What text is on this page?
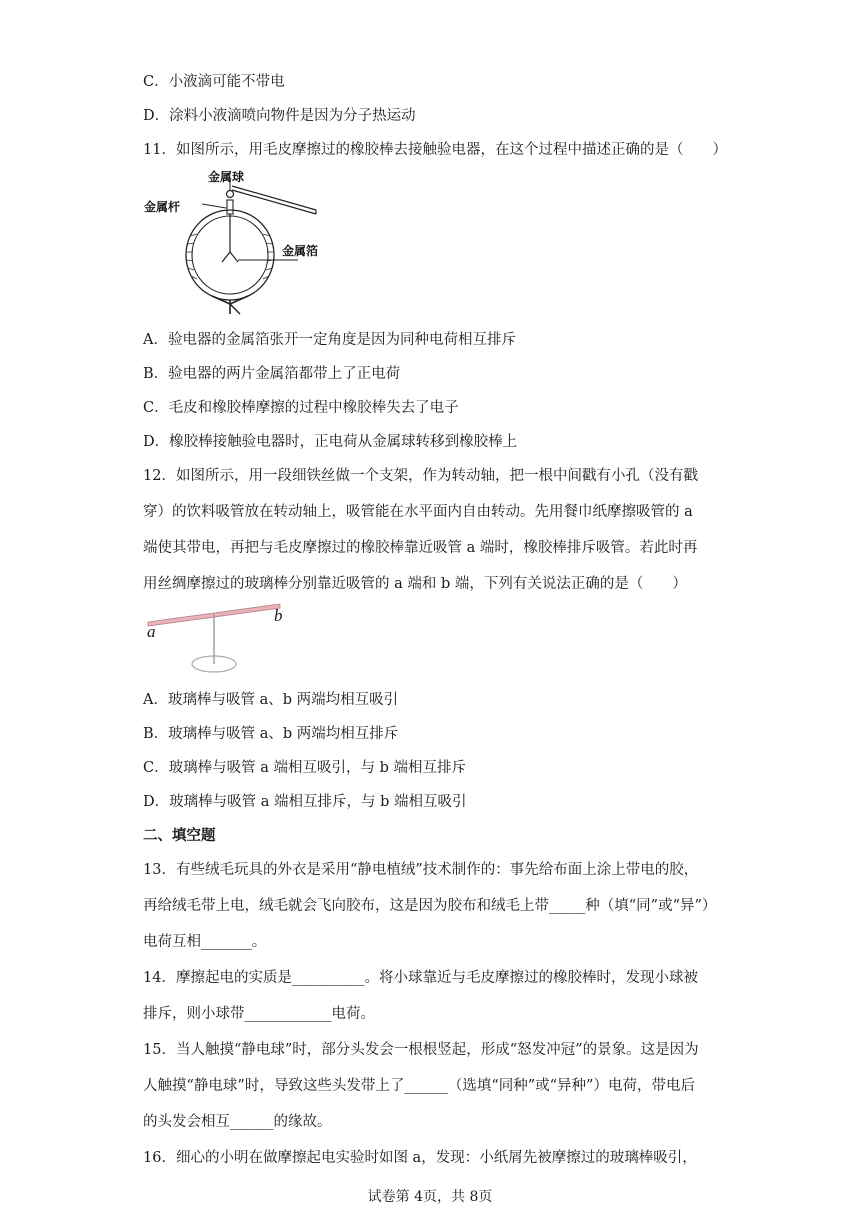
C．小液滴可能不带电
D．涂料小液滴喷向物件是因为分子热运动
11．如图所示，用毛皮摩擦过的橡胶棒去接触验电器，在这个过程中描述正确的是（　　）
金属球
金属杆
金属箔
A．验电器的金属箔张开一定角度是因为同种电荷相互排斥
B．验电器的两片金属箔都带上了正电荷
C．毛皮和橡胶棒摩擦的过程中橡胶棒失去了电子
D．橡胶棒接触验电器时，正电荷从金属球转移到橡胶棒上
12．如图所示，用一段细铁丝做一个支架，作为转动轴，把一根中间戳有小孔（没有戳
穿）的饮料吸管放在转动轴上，吸管能在水平面内自由转动。先用餐巾纸摩擦吸管的 a
端使其带电，再把与毛皮摩擦过的橡胶棒靠近吸管 a 端时，橡胶棒排斥吸管。若此时再
用丝绸摩擦过的玻璃棒分别靠近吸管的 a 端和 b 端，下列有关说法正确的是（　　）
a
b
A．玻璃棒与吸管 a、b 两端均相互吸引
B．玻璃棒与吸管 a、b 两端均相互排斥
C．玻璃棒与吸管 a 端相互吸引，与 b 端相互排斥
D．玻璃棒与吸管 a 端相互排斥，与 b 端相互吸引
二、填空题
13．有些绒毛玩具的外衣是采用“静电植绒”技术制作的：事先给布面上涂上带电的胶，
再给绒毛带上电，绒毛就会飞向胶布，这是因为胶布和绒毛上带_____种（填“同”或“异”）
电荷互相_______。
14．摩擦起电的实质是__________。将小球靠近与毛皮摩擦过的橡胶棒时，发现小球被
排斥，则小球带____________电荷。
15．当人触摸“静电球”时，部分头发会一根根竖起，形成“怒发冲冠”的景象。这是因为
人触摸“静电球”时，导致这些头发带上了______（选填“同种”或“异种”）电荷，带电后
的头发会相互______的缘故。
16．细心的小明在做摩擦起电实验时如图 a，发现：小纸屑先被摩擦过的玻璃棒吸引，
试卷第 4页，共 8页
